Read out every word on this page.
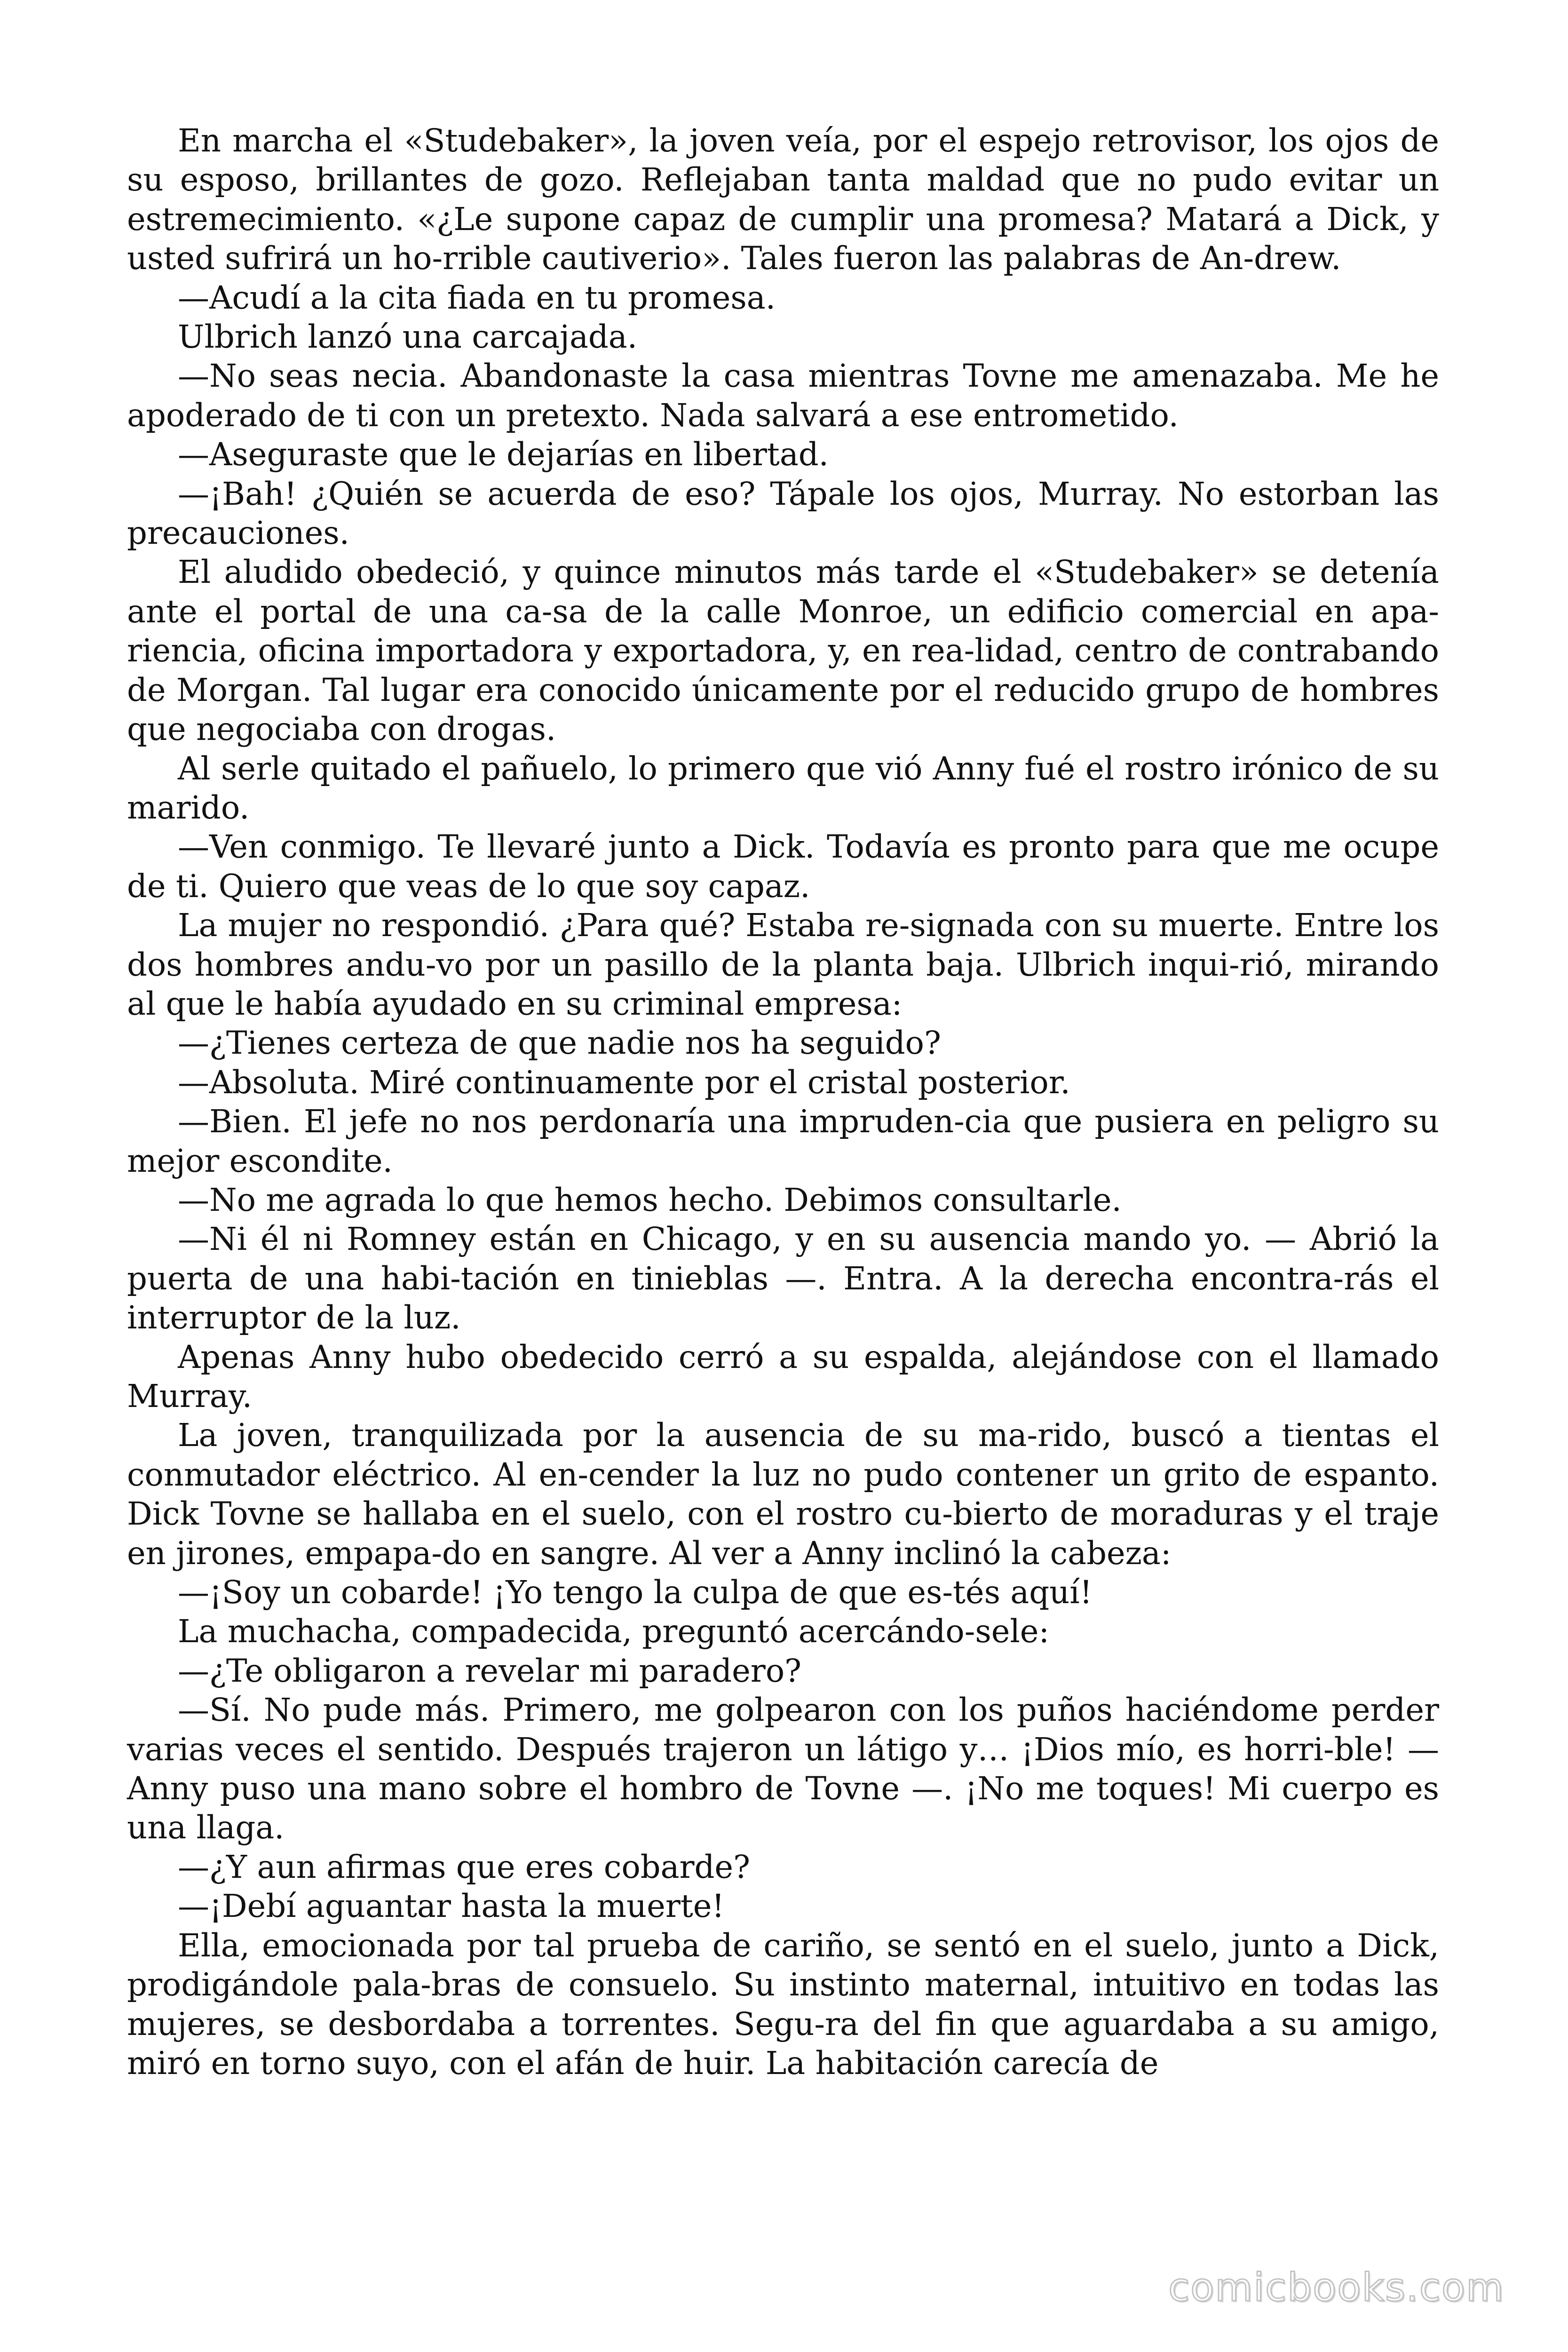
En marcha el «Studebaker», la joven veía, por el espejo retrovisor, los ojos de su esposo, brillantes de gozo. Reflejaban tanta maldad que no pudo evitar un estremecimiento. «¿Le supone capaz de cumplir una promesa? Matará a Dick, y usted sufrirá un ho-rrible cautiverio». Tales fueron las palabras de An-drew.

—Acudí a la cita fiada en tu promesa.

Ulbrich lanzó una carcajada.

—No seas necia. Abandonaste la casa mientras Tovne me amenazaba. Me he apoderado de ti con un pretexto. Nada salvará a ese entrometido.

—Aseguraste que le dejarías en libertad.

—¡Bah! ¿Quién se acuerda de eso? Tápale los ojos, Murray. No estorban las precauciones.

El aludido obedeció, y quince minutos más tarde el «Studebaker» se detenía ante el portal de una ca-sa de la calle Monroe, un edificio comercial en apa-riencia, oficina importadora y exportadora, y, en rea-lidad, centro de contrabando de Morgan. Tal lugar era conocido únicamente por el reducido grupo de hombres que negociaba con drogas.

Al serle quitado el pañuelo, lo primero que vió Anny fué el rostro irónico de su marido.

—Ven conmigo. Te llevaré junto a Dick. Todavía es pronto para que me ocupe de ti. Quiero que veas de lo que soy capaz.

La mujer no respondió. ¿Para qué? Estaba re-signada con su muerte. Entre los dos hombres andu-vo por un pasillo de la planta baja. Ulbrich inqui-rió, mirando al que le había ayudado en su criminal empresa:

—¿Tienes certeza de que nadie nos ha seguido?

—Absoluta. Miré continuamente por el cristal posterior.

—Bien. El jefe no nos perdonaría una impruden-cia que pusiera en peligro su mejor escondite.

—No me agrada lo que hemos hecho. Debimos consultarle.

—Ni él ni Romney están en Chicago, y en su ausencia mando yo. — Abrió la puerta de una habi-tación en tinieblas —. Entra. A la derecha encontra-rás el interruptor de la luz.

Apenas Anny hubo obedecido cerró a su espalda, alejándose con el llamado Murray.

La joven, tranquilizada por la ausencia de su ma-rido, buscó a tientas el conmutador eléctrico. Al en-cender la luz no pudo contener un grito de espanto. Dick Tovne se hallaba en el suelo, con el rostro cu-bierto de moraduras y el traje en jirones, empapa-do en sangre. Al ver a Anny inclinó la cabeza:

—¡Soy un cobarde! ¡Yo tengo la culpa de que es-tés aquí!

La muchacha, compadecida, preguntó acercándo-sele:

—¿Te obligaron a revelar mi paradero?

—Sí. No pude más. Primero, me golpearon con los puños haciéndome perder varias veces el sentido. Después trajeron un látigo y… ¡Dios mío, es horri-ble! — Anny puso una mano sobre el hombro de Tovne —. ¡No me toques! Mi cuerpo es una llaga.

—¿Y aun afirmas que eres cobarde?

—¡Debí aguantar hasta la muerte!

Ella, emocionada por tal prueba de cariño, se sentó en el suelo, junto a Dick, prodigándole pala-bras de consuelo. Su instinto maternal, intuitivo en todas las mujeres, se desbordaba a torrentes. Segu-ra del fin que aguardaba a su amigo, miró en torno suyo, con el afán de huir. La habitación carecía de

comicbooks.com
